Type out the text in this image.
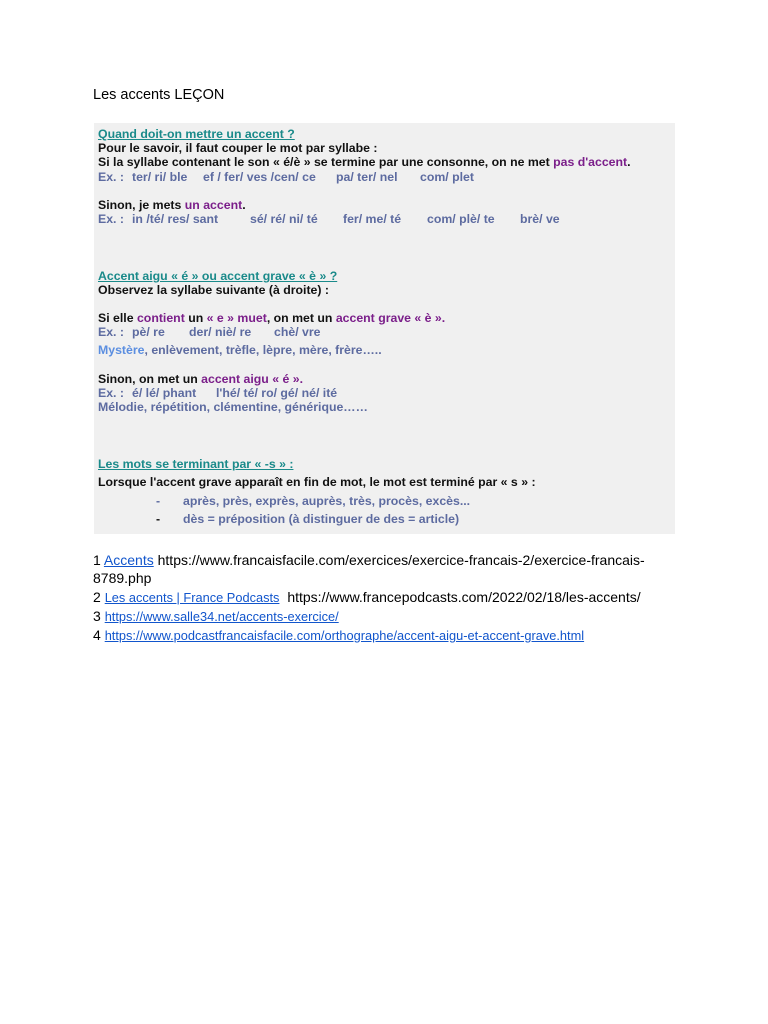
Les accents LEÇON
Quand doit-on mettre un accent ?
Pour le savoir, il faut couper le mot par syllabe :
Si la syllabe contenant le son « é/è » se termine par une consonne, on ne met pas d'accent.
Ex. : ter/ ri/ ble ef / fer/ ves /cen/ ce pa/ ter/ nel com/ plet
Sinon, je mets un accent.
Ex. : in /té/ res/ sant	sé/ ré/ ni/ té fer/ me/ té com/ plè/ te brè/ ve
Accent aigu « é » ou accent grave « è » ?
Observez la syllabe suivante (à droite) :
Si elle contient un « e » muet, on met un accent grave « è ».
Ex. : pè/ re der/ niè/ re chè/ vre
Mystère, enlèvement, trèfle, lèpre, mère, frère…..
Sinon, on met un accent aigu « é ».
Ex. : é/ lé/ phant l'hé/ té/ ro/ gé/ né/ ité
Mélodie, répétition, clémentine, générique……
Les mots se terminant par « -s » :
Lorsque l'accent grave apparaît en fin de mot, le mot est terminé par « s » :
- après, près, exprès, auprès, très, procès, excès...
- dès = préposition (à distinguer de des = article)
1 Accents https://www.francaisfacile.com/exercices/exercice-francais-2/exercice-francais-
8789.php
2 Les accents | France Podcasts https://www.francepodcasts.com/2022/02/18/les-accents/
3 https://www.salle34.net/accents-exercice/
4 https://www.podcastfrancaisfacile.com/orthographe/accent-aigu-et-accent-grave.html
